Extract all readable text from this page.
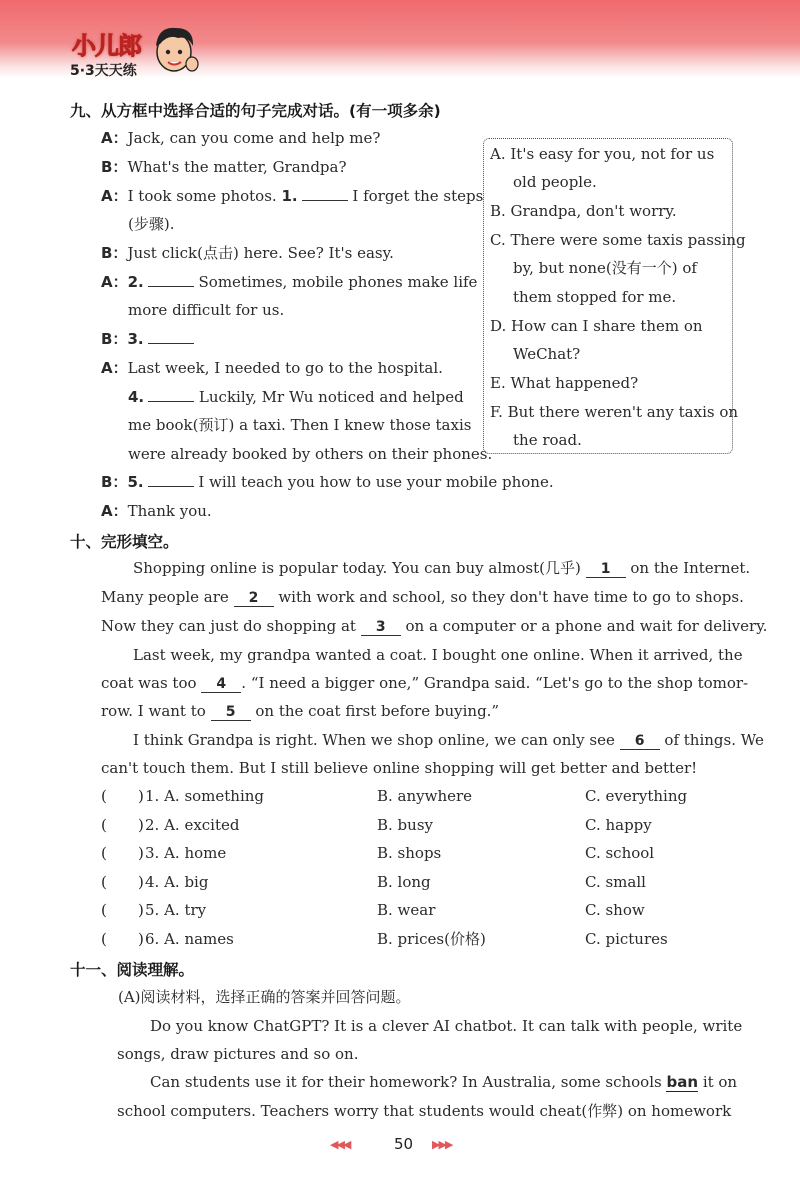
小儿郎
5·3天天练
九、从方框中选择合适的句子完成对话。(有一项多余)
A：Jack, can you come and help me?
B：What's the matter, Grandpa?
A：I took some photos. 1.	I forget the steps
(步骤).
B：Just click(点击) here. See? It's easy.
A：2.	Sometimes, mobile phones make life
more difficult for us.
B：3.
A：Last week, I needed to go to the hospital.
4.	Luckily, Mr Wu noticed and helped
me book(预订) a taxi. Then I knew those taxis
were already booked by others on their phones.
B：5.	I will teach you how to use your mobile phone.
A：Thank you.
A. It's easy for you, not for us
old people.
B. Grandpa, don't worry.
C. There were some taxis passing
by, but none(没有一个) of
them stopped for me.
D. How can I share them on
WeChat?
E. What happened?
F. But there weren't any taxis on
the road.
十、完形填空。
Shopping online is popular today. You can buy almost(几乎) 1 on the Internet.
Many people are 2 with work and school, so they don't have time to go to shops.
Now they can just do shopping at 3 on a computer or a phone and wait for delivery.
Last week, my grandpa wanted a coat. I bought one online. When it arrived, the
coat was too 4 . “I need a bigger one,” Grandpa said. “Let's go to the shop tomor-
row. I want to 5 on the coat first before buying.”
I think Grandpa is right. When we shop online, we can only see 6 of things. We
can't touch them. But I still believe online shopping will get better and better!
( ) 1. A. something	B. anywhere	C. everything
( ) 2. A. excited	B. busy	C. happy
( ) 3. A. home	B. shops	C. school
( ) 4. A. big	B. long	C. small
( ) 5. A. try	B. wear	C. show
( ) 6. A. names	B. prices(价格)	C. pictures
十一、阅读理解。
(A)阅读材料，选择正确的答案并回答问题。
Do you know ChatGPT? It is a clever AI chatbot. It can talk with people, write
songs, draw pictures and so on.
Can students use it for their homework? In Australia, some schools ban it on
school computers. Teachers worry that students would cheat(作弊) on homework
◀◀◀	50 ▶▶▶
